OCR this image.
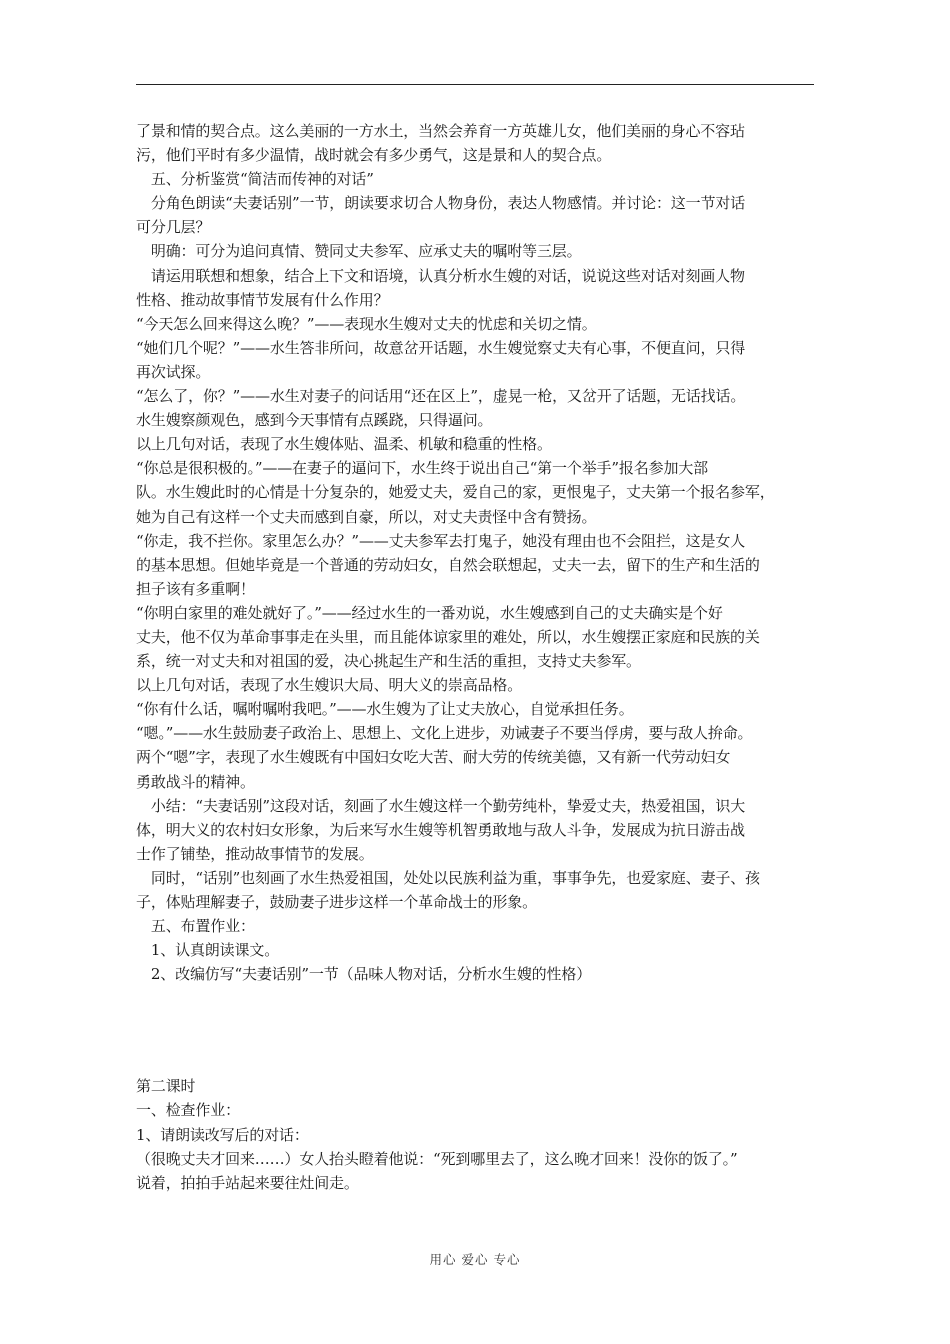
了景和情的契合点。这么美丽的一方水土，当然会养育一方英雄儿女，他们美丽的身心不容玷

污，他们平时有多少温情，战时就会有多少勇气，这是景和人的契合点。

　五、分析鉴赏“简洁而传神的对话”

　分角色朗读“夫妻话别”一节，朗读要求切合人物身份，表达人物感情。并讨论：这一节对话

可分几层？

　明确：可分为追问真情、赞同丈夫参军、应承丈夫的嘱咐等三层。

　请运用联想和想象，结合上下文和语境，认真分析水生嫂的对话，说说这些对话对刻画人物

性格、推动故事情节发展有什么作用？

“今天怎么回来得这么晚？”——表现水生嫂对丈夫的忧虑和关切之情。

“她们几个呢？”——水生答非所问，故意岔开话题，水生嫂觉察丈夫有心事，不便直问，只得

再次试探。

“怎么了，你？”——水生对妻子的问话用“还在区上”，虚晃一枪，又岔开了话题，无话找话。

水生嫂察颜观色，感到今天事情有点蹊跷，只得逼问。

以上几句对话，表现了水生嫂体贴、温柔、机敏和稳重的性格。

“你总是很积极的。”——在妻子的逼问下，水生终于说出自己“第一个举手”报名参加大部

队。水生嫂此时的心情是十分复杂的，她爱丈夫，爱自己的家，更恨鬼子，丈夫第一个报名参军，

她为自己有这样一个丈夫而感到自豪，所以，对丈夫责怪中含有赞扬。

“你走，我不拦你。家里怎么办？”——丈夫参军去打鬼子，她没有理由也不会阻拦，这是女人

的基本思想。但她毕竟是一个普通的劳动妇女，自然会联想起，丈夫一去，留下的生产和生活的

担子该有多重啊！

“你明白家里的难处就好了。”——经过水生的一番劝说，水生嫂感到自己的丈夫确实是个好

丈夫，他不仅为革命事事走在头里，而且能体谅家里的难处，所以，水生嫂摆正家庭和民族的关

系，统一对丈夫和对祖国的爱，决心挑起生产和生活的重担，支持丈夫参军。

以上几句对话，表现了水生嫂识大局、明大义的崇高品格。

“你有什么话，嘱咐嘱咐我吧。”——水生嫂为了让丈夫放心，自觉承担任务。

“嗯。”——水生鼓励妻子政治上、思想上、文化上进步，劝诫妻子不要当俘虏，要与敌人拚命。

两个“嗯”字，表现了水生嫂既有中国妇女吃大苦、耐大劳的传统美德，又有新一代劳动妇女

勇敢战斗的精神。

　小结：“夫妻话别”这段对话，刻画了水生嫂这样一个勤劳纯朴，挚爱丈夫，热爱祖国，识大

体，明大义的农村妇女形象，为后来写水生嫂等机智勇敢地与敌人斗争，发展成为抗日游击战

士作了铺垫，推动故事情节的发展。

　同时，“话别”也刻画了水生热爱祖国，处处以民族利益为重，事事争先，也爱家庭、妻子、孩

子，体贴理解妻子，鼓励妻子进步这样一个革命战士的形象。

　五、布置作业：

　1、认真朗读课文。

　2、改编仿写“夫妻话别”一节（品味人物对话，分析水生嫂的性格）

第二课时

一、检查作业：

1、请朗读改写后的对话：

（很晚丈夫才回来……）女人抬头瞪着他说：“死到哪里去了，这么晚才回来！没你的饭了。”

说着，拍拍手站起来要往灶间走。

用心 爱心 专心
